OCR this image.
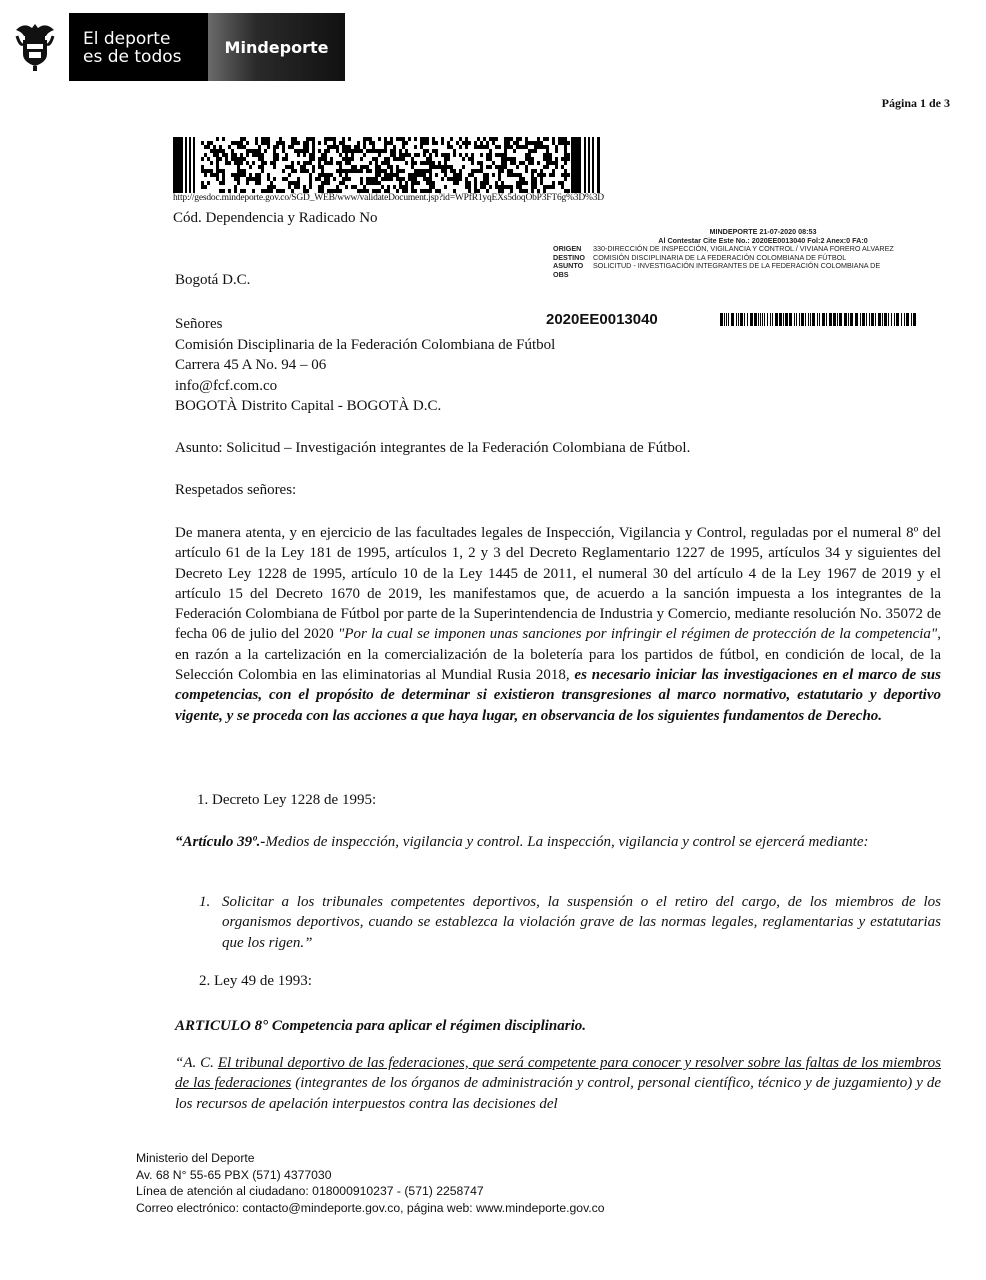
El deporte
es de todos	Mindeporte
Página 1 de 3
http://gesdoc.mindeporte.gov.co/SGD_WEB/www/validateDocument.jsp?id=WPfR1yqEXs5doqObP3FT6g%3D%3D
Cód. Dependencia y Radicado No
MINDEPORTE 21-07-2020 08:53
Al Contestar Cite Este No.: 2020EE0013040 Fol:2 Anex:0 FA:0
ORIGEN	330-DIRECCIÓN DE INSPECCIÓN, VIGILANCIA Y CONTROL / VIVIANA FORERO ALVAREZ
DESTINO	COMISIÓN DISCIPLINARIA DE LA FEDERACIÓN COLOMBIANA DE FÚTBOL
ASUNTO	SOLICITUD - INVESTIGACIÓN INTEGRANTES DE LA FEDERACIÓN COLOMBIANA DE
OBS
Bogotá D.C.
2020EE0013040
Señores
Comisión Disciplinaria de la Federación Colombiana de Fútbol
Carrera 45 A No. 94 – 06
info@fcf.com.co
BOGOTÀ Distrito Capital - BOGOTÀ D.C.
Asunto: Solicitud – Investigación integrantes de la Federación Colombiana de Fútbol.
Respetados señores:
De manera atenta, y en ejercicio de las facultades legales de Inspección, Vigilancia y Control, reguladas por el numeral 8º del artículo 61 de la Ley 181 de 1995, artículos 1, 2 y 3 del Decreto Reglamentario 1227 de 1995, artículos 34 y siguientes del Decreto Ley 1228 de 1995, artículo 10 de la Ley 1445 de 2011, el numeral 30 del artículo 4 de la Ley 1967 de 2019 y el artículo 15 del Decreto 1670 de 2019, les manifestamos que, de acuerdo a la sanción impuesta a los integrantes de la Federación Colombiana de Fútbol por parte de la Superintendencia de Industria y Comercio, mediante resolución No. 35072 de fecha 06 de julio del 2020 "Por la cual se imponen unas sanciones por infringir el régimen de protección de la competencia", en razón a la cartelización en la comercialización de la boletería para los partidos de fútbol, en condición de local, de la Selección Colombia en las eliminatorias al Mundial Rusia 2018, es necesario iniciar las investigaciones en el marco de sus competencias, con el propósito de determinar si existieron transgresiones al marco normativo, estatutario y deportivo vigente, y se proceda con las acciones a que haya lugar, en observancia de los siguientes fundamentos de Derecho.
1. Decreto Ley 1228 de 1995:
“Artículo 39º.-Medios de inspección, vigilancia y control. La inspección, vigilancia y control se ejercerá mediante:
1. Solicitar a los tribunales competentes deportivos, la suspensión o el retiro del cargo, de los miembros de los organismos deportivos, cuando se establezca la violación grave de las normas legales, reglamentarias y estatutarias que los rigen.”
2. Ley 49 de 1993:
ARTICULO 8° Competencia para aplicar el régimen disciplinario.
“A. C. El tribunal deportivo de las federaciones, que será competente para conocer y resolver sobre las faltas de los miembros de las federaciones (integrantes de los órganos de administración y control, personal científico, técnico y de juzgamiento) y de los recursos de apelación interpuestos contra las decisiones del
Ministerio del Deporte
Av. 68 N° 55-65 PBX (571) 4377030
Línea de atención al ciudadano: 018000910237 - (571) 2258747
Correo electrónico: contacto@mindeporte.gov.co, página web: www.mindeporte.gov.co
